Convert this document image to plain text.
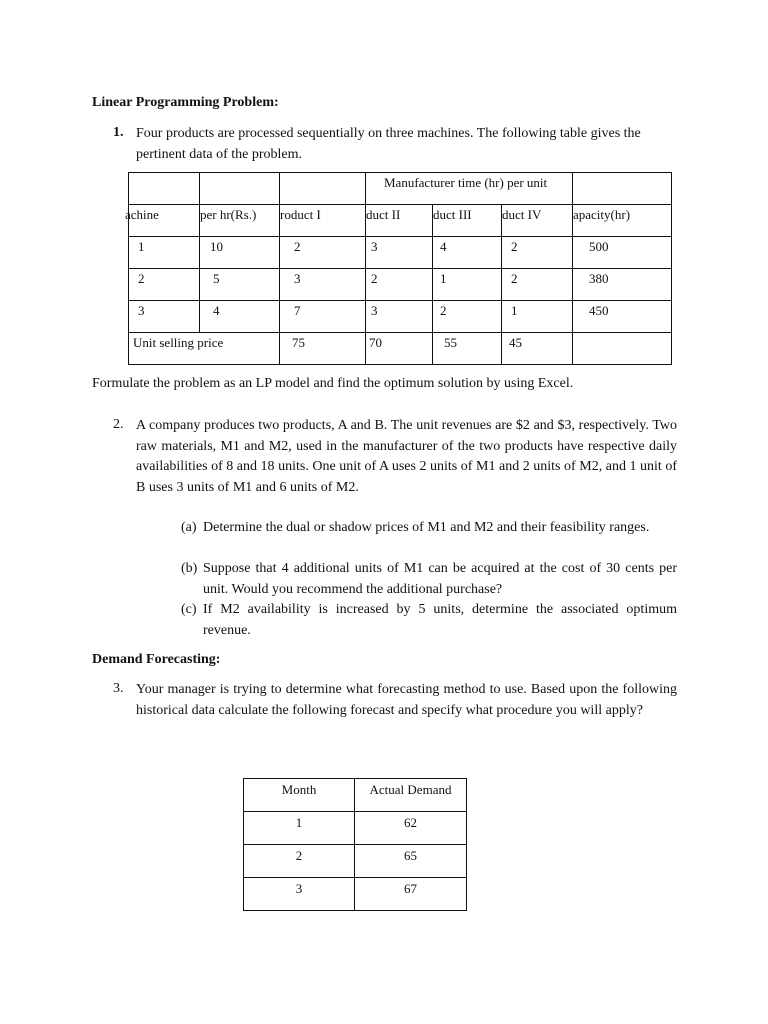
Linear Programming Problem:
1. Four products are processed sequentially on three machines. The following table gives the pertinent data of the problem.
			Manufacturer time (hr) per unit			
achine	per hr(Rs.)	roduct I	duct II	duct III	duct IV	apacity(hr)
1	10	2	3	4	2	500
2	5	3	2	1	2	380
3	4	7	3	2	1	450
Unit selling price		75	70	55	45	
Formulate the problem as an LP model and find the optimum solution by using Excel.
2. A company produces two products, A and B. The unit revenues are $2 and $3, respectively. Two raw materials, M1 and M2, used in the manufacturer of the two products have respective daily availabilities of 8 and 18 units. One unit of A uses 2 units of M1 and 2 units of M2, and 1 unit of B uses 3 units of M1 and 6 units of M2.
(a) Determine the dual or shadow prices of M1 and M2 and their feasibility ranges.
(b) Suppose that 4 additional units of M1 can be acquired at the cost of 30 cents per unit. Would you recommend the additional purchase?
(c) If M2 availability is increased by 5 units, determine the associated optimum revenue.
Demand Forecasting:
3. Your manager is trying to determine what forecasting method to use. Based upon the following historical data calculate the following forecast and specify what procedure you will apply?
Month	Actual Demand
1	62
2	65
3	67
